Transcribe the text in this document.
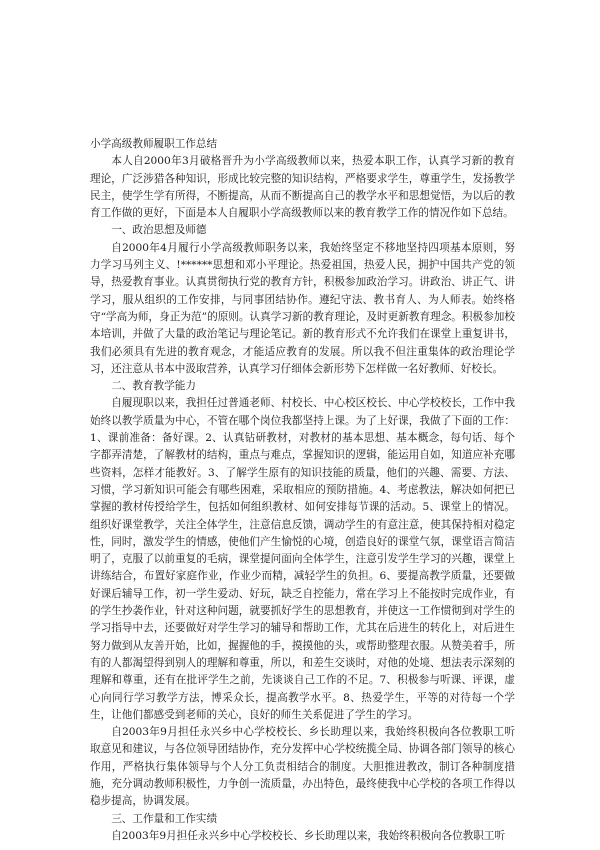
小学高级教师履职工作总结

本人自2000年3月破格晋升为小学高级教师以来，热爱本职工作，认真学习新的教育理论，广泛涉猎各种知识，形成比较完整的知识结构，严格要求学生，尊重学生，发扬教学民主，使学生学有所得，不断提高，从而不断提高自己的教学水平和思想觉悟，为以后的教育工作做的更好，下面是本人自履职小学高级教师以来的教育教学工作的情况作如下总结。

一、政治思想及师德

自2000年4月履行小学高级教师职务以来，我始终坚定不移地坚持四项基本原则，努力学习马列主义、!******思想和邓小平理论。热爱祖国，热爱人民，拥护中国共产党的领导，热爱教育事业。认真贯彻执行党的教育方针，积极参加政治学习。讲政治、讲正气、讲学习，服从组织的工作安排，与同事团结协作。遵纪守法、教书育人、为人师表。始终格守“学高为师，身正为范”的原则。认真学习新的教育理论，及时更新教育理念。积极参加校本培训，并做了大量的政治笔记与理论笔记。新的教育形式不允许我们在课堂上重复讲书，我们必须具有先进的教育观念，才能适应教育的发展。所以我不但注重集体的政治理论学习，还注意从书本中汲取营养，认真学习仔细体会新形势下怎样做一名好教师、好校长。

二、教育教学能力

自履现职以来，我担任过普通老师、村校长、中心校区校长、中心学校校长，工作中我始终以教学质量为中心，不管在哪个岗位我都坚持上课。为了上好课，我做了下面的工作：1、课前准备：备好课。2、认真钻研教材，对教材的基本思想、基本概念，每句话、每个字都弄清楚，了解教材的结构，重点与难点，掌握知识的逻辑，能运用自如，知道应补充哪些资料，怎样才能教好。3、了解学生原有的知识技能的质量，他们的兴趣、需要、方法、习惯，学习新知识可能会有哪些困难，采取相应的预防措施。4、考虑教法，解决如何把已掌握的教材传授给学生，包括如何组织教材、如何安排每节课的活动。5、课堂上的情况。组织好课堂教学，关注全体学生，注意信息反馈，调动学生的有意注意，使其保持相对稳定性，同时，激发学生的情感，使他们产生愉悦的心境，创造良好的课堂气氛，课堂语言简洁明了，克服了以前重复的毛病，课堂提问面向全体学生，注意引发学生学习的兴趣，课堂上讲练结合，布置好家庭作业，作业少而精，减轻学生的负担。6、要提高教学质量，还要做好课后辅导工作，初一学生爱动、好玩，缺乏自控能力，常在学习上不能按时完成作业，有的学生抄袭作业，针对这种问题，就要抓好学生的思想教育，并使这一工作惯彻到对学生的学习指导中去，还要做好对学生学习的辅导和帮助工作，尤其在后进生的转化上，对后进生努力做到从友善开始，比如，握握他的手，摸摸他的头，或帮助整理衣服。从赞美着手，所有的人都渴望得到别人的理解和尊重，所以，和差生交谈时，对他的处境、想法表示深刻的理解和尊重，还有在批评学生之前，先谈谈自己工作的不足。7、积极参与听课、评课，虚心向同行学习教学方法，博采众长，提高教学水平。8、热爱学生，平等的对待每一个学生，让他们都感受到老师的关心，良好的师生关系促进了学生的学习。

自2003年9月担任永兴乡中心学校校长、乡长助理以来，我始终积极向各位教职工听取意见和建议，与各位领导团结协作，充分发挥中心学校统揽全局、协调各部门领导的核心作用，严格执行集体领导与个人分工负责相结合的制度。大胆推进教改，制订各种制度措施，充分调动教师积极性，力争创一流质量，办出特色，最终使我中心学校的各项工作得以稳步提高，协调发展。

三、工作量和工作实绩

自2003年9月担任永兴乡中心学校校长、乡长助理以来，我始终积极向各位教职工听
